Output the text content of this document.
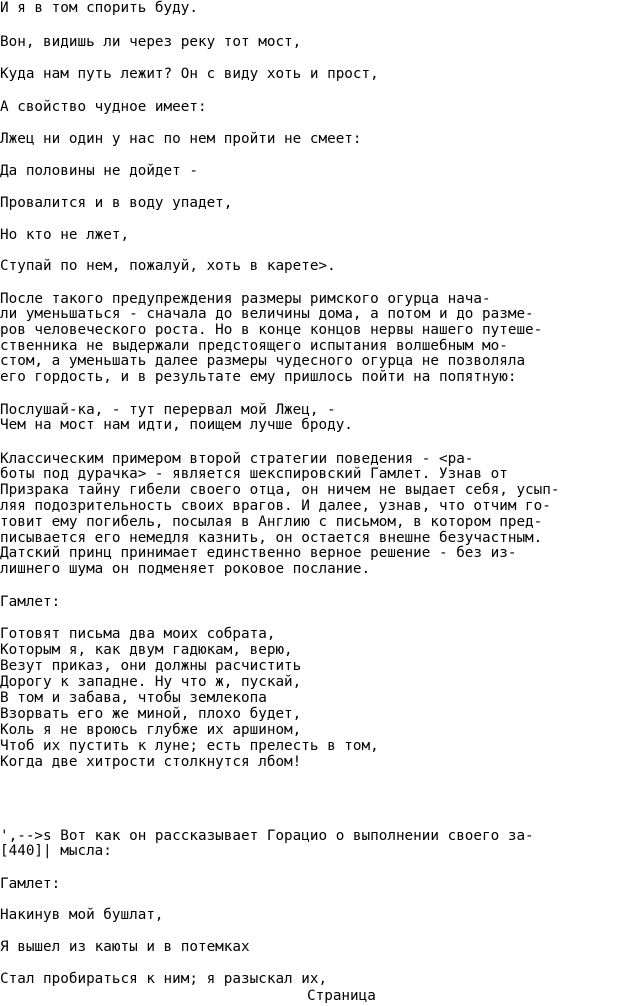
И я в том спорить буду.
Вон, видишь ли через реку тот мост,
Куда нам путь лежит? Он с виду хоть и прост,
А свойство чудное имеет:
Лжец ни один у нас по нем пройти не смеет:
Да половины не дойдет -
Провалится и в воду упадет,
Но кто не лжет,
Ступай по нем, пожалуй, хоть в карете>.
После такого предупреждения размеры римского огурца нача-
ли уменьшаться - сначала до величины дома, а потом и до разме-
ров человеческого роста. Но в конце концов нервы нашего путеше-
ственника не выдержали предстоящего испытания волшебным мо-
стом, а уменьшать далее размеры чудесного огурца не позволяла
его гордость, и в результате ему пришлось пойти на попятную:
Послушай-ка, - тут перервал мой Лжец, -
Чем на мост нам идти, поищем лучше броду.
Классическим примером второй стратегии поведения - <ра-
боты под дурачка> - является шекспировский Гамлет. Узнав от
Призрака тайну гибели своего отца, он ничем не выдает себя, усып-
ляя подозрительность своих врагов. И далее, узнав, что отчим го-
товит ему погибель, посылая в Англию с письмом, в котором пред-
писывается его немедля казнить, он остается внешне безучастным.
Датский принц принимает единственно верное решение - без из-
лишнего шума он подменяет роковое послание.
Гамлет:
Готовят письма два моих собрата,
Которым я, как двум гадюкам, верю,
Везут приказ, они должны расчистить
Дорогу к западне. Ну что ж, пускай,
В том и забава, чтобы землекопа
Взорвать его же миной, плохо будет,
Коль я не вроюсь глубже их аршином,
Чтоб их пустить к луне; есть прелесть в том,
Когда две хитрости столкнутся лбом!
',-->s Вот как он рассказывает Горацио о выполнении своего за-
[440]| мысла:
Гамлет:
Накинув мой бушлат,
Я вышел из каюты и в потемках
Стал пробираться к ним; я разыскал их,
Страница
